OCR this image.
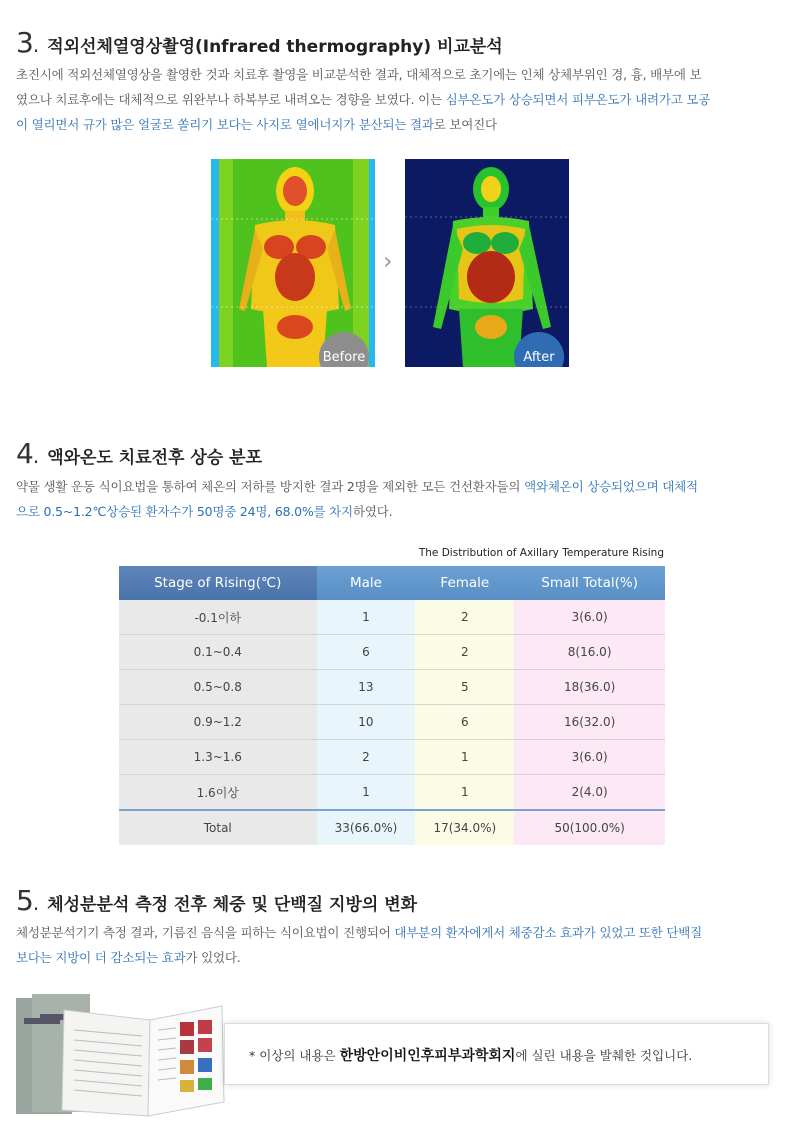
3 . 적외선체열영상촬영(Infrared thermography) 비교분석
초진시에 적외선체열영상을 촬영한 것과 치료후 촬영을 비교분석한 결과, 대체적으로 초기에는 인체 상체부위인 경, 흉, 배부에 보
였으나 치료후에는 대체적으로 위완부나 하복부로 내려오는 경향을 보였다. 이는 심부온도가 상승되면서 피부온도가 내려가고 모공
이 열리면서 규가 많은 얼굴로 쏠리기 보다는 사지로 열에너지가 분산되는 결과로 보여진다
Before
›
After
4 . 액와온도 치료전후 상승 분포
약물 생활 운동 식이요법을 통하여 체온의 저하를 방지한 결과 2명을 제외한 모든 건선환자들의 액와체온이 상승되었으며 대체적
으로 0.5~1.2℃상승된 환자수가 50명중 24명, 68.0%를 차지하였다.
The Distribution of Axillary Temperature Rising
Stage of Rising(℃)	Male	Female	Small Total(%)
-0.1이하	1	2	3(6.0)
0.1~0.4	6	2	8(16.0)
0.5~0.8	13	5	18(36.0)
0.9~1.2	10	6	16(32.0)
1.3~1.6	2	1	3(6.0)
1.6이상	1	1	2(4.0)
Total	33(66.0%)	17(34.0%)	50(100.0%)
5 . 체성분분석 측정 전후 체중 및 단백질 지방의 변화
체성분분석기기 측정 결과, 기름진 음식을 피하는 식이요법이 진행되어 대부분의 환자에게서 체중감소 효과가 있었고 또한 단백질
보다는 지방이 더 감소되는 효과가 있었다.
* 이상의 내용은 한방안이비인후피부과학회지에 실린 내용을 발췌한 것입니다.
